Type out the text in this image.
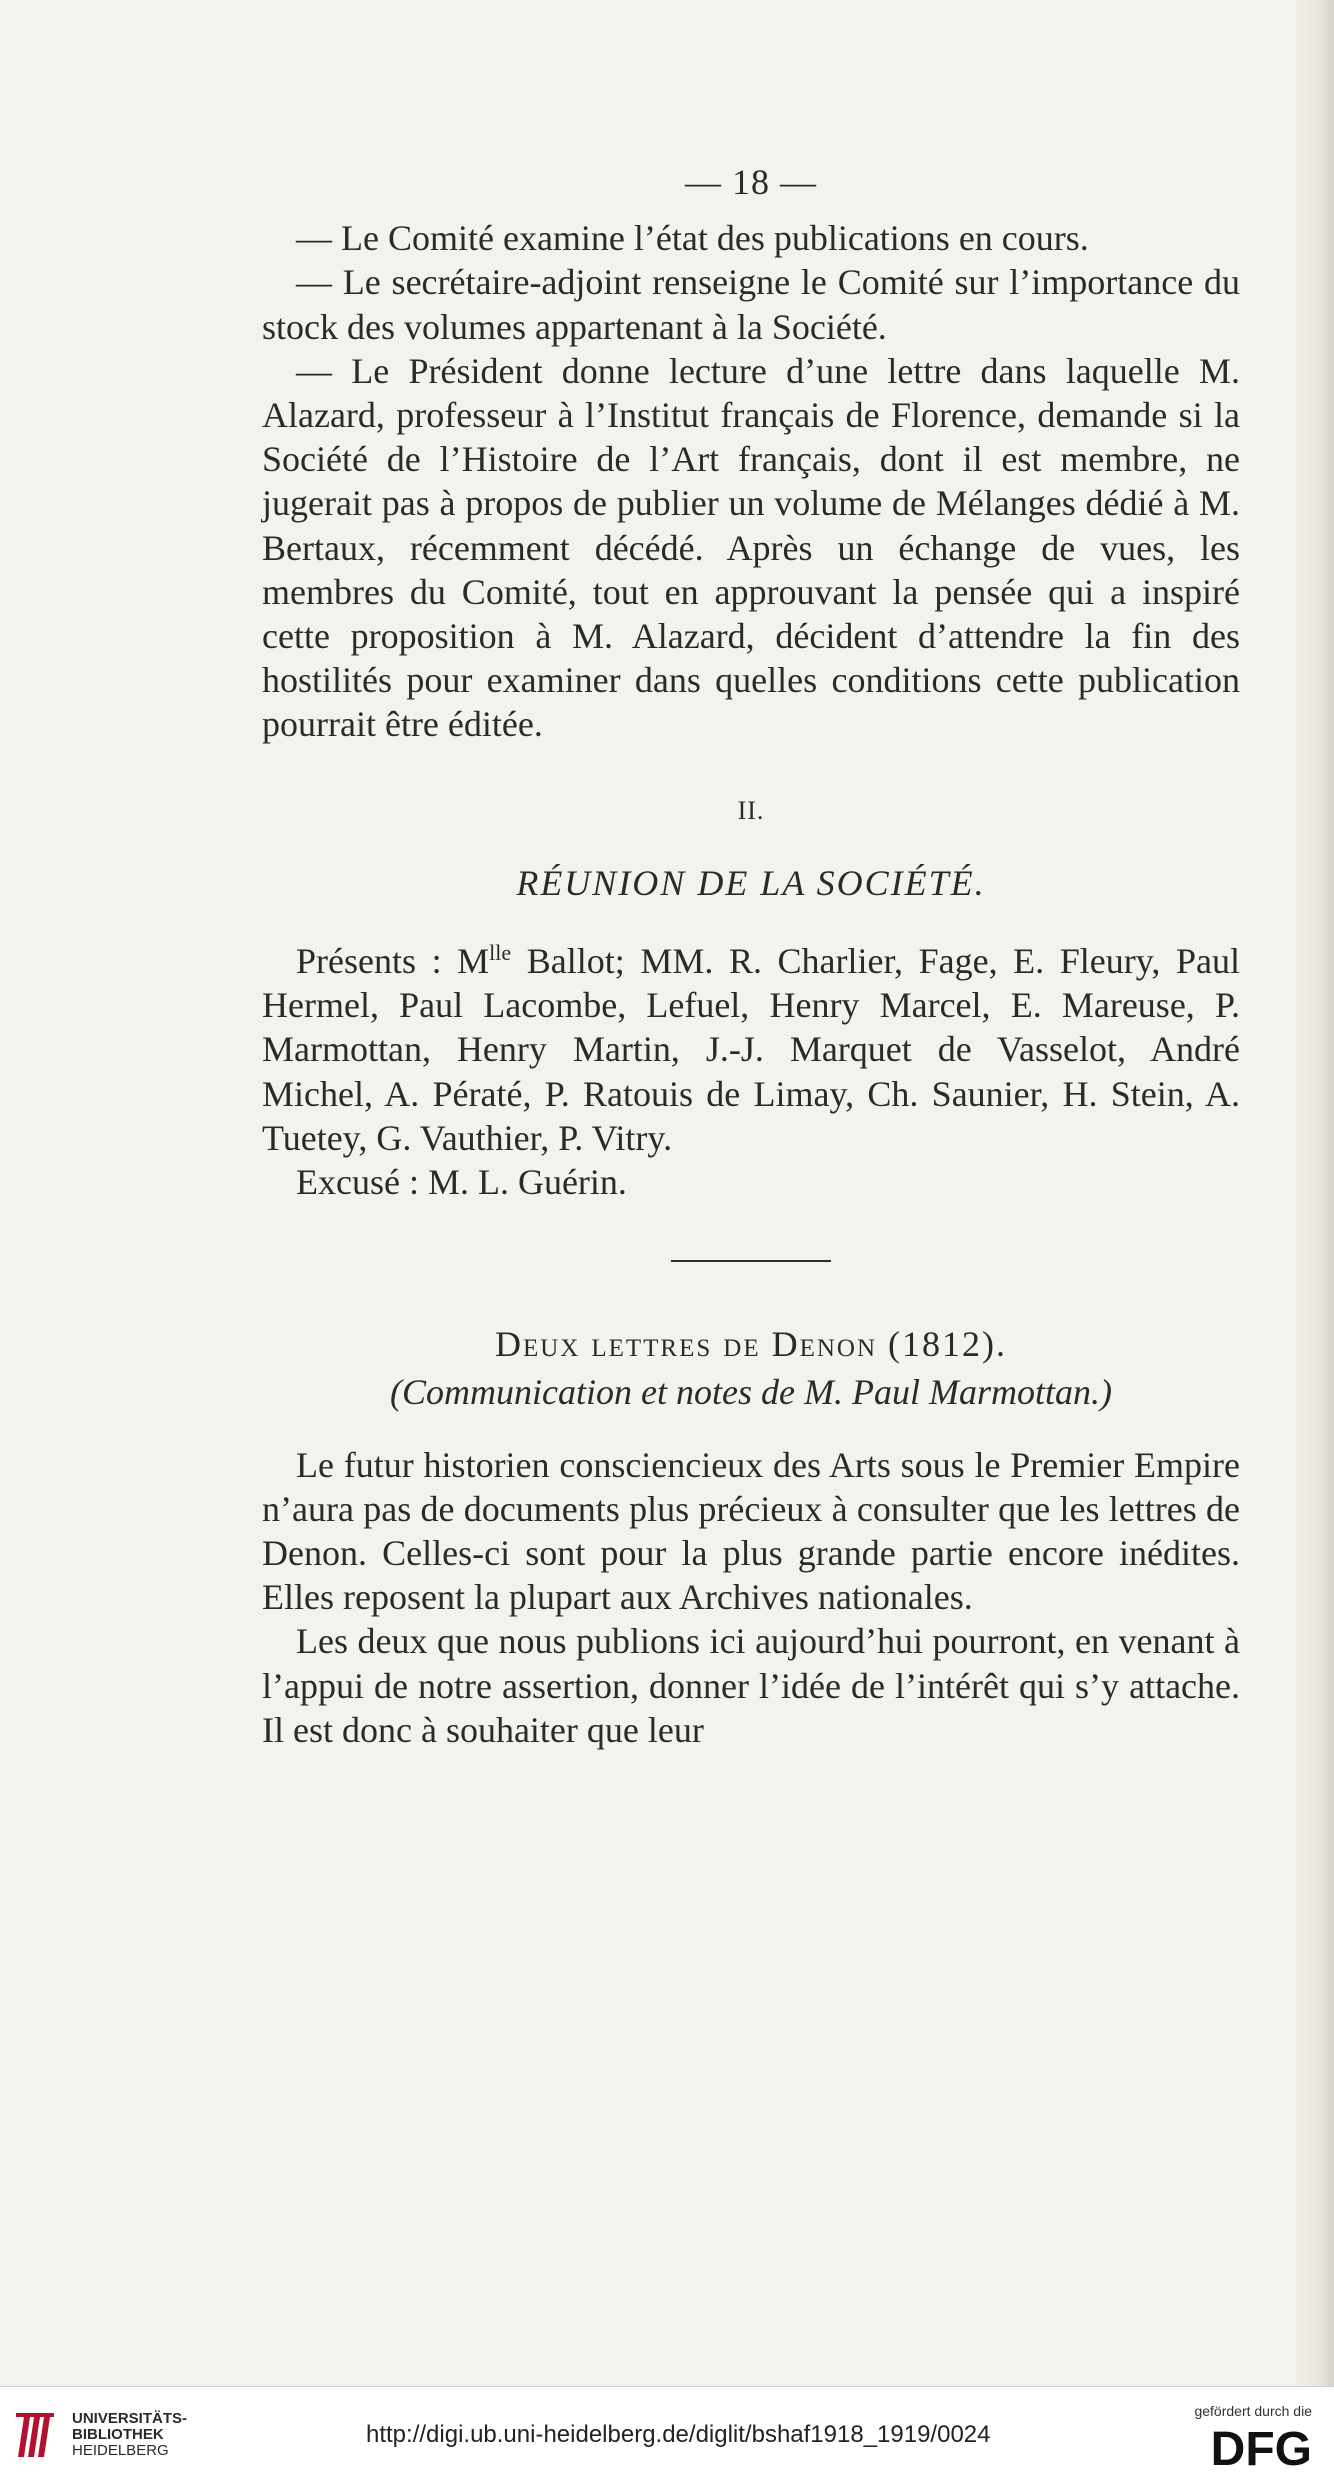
— 18 —

— Le Comité examine l’état des publications en cours.

— Le secrétaire-adjoint renseigne le Comité sur l’importance du stock des volumes appartenant à la Société.

— Le Président donne lecture d’une lettre dans laquelle M. Alazard, professeur à l’Institut français de Florence, demande si la Société de l’Histoire de l’Art français, dont il est membre, ne jugerait pas à propos de publier un volume de Mélanges dédié à M. Bertaux, récemment décédé. Après un échange de vues, les membres du Comité, tout en approuvant la pensée qui a inspiré cette proposition à M. Alazard, décident d’attendre la fin des hostilités pour examiner dans quelles conditions cette publication pourrait être éditée.

II.
RÉUNION DE LA SOCIÉTÉ.

Présents : $M^{lle}$ Ballot; MM. R. Charlier, Fage, E. Fleury, Paul Hermel, Paul Lacombe, Lefuel, Henry Marcel, E. Mareuse, P. Marmottan, Henry Martin, J.-J. Marquet de Vasselot, André Michel, A. Pératé, P. Ratouis de Limay, Ch. Saunier, H. Stein, A. Tuetey, G. Vauthier, P. Vitry.

Excusé : M. L. Guérin.

Deux lettres de Denon (1812).
(Communication et notes de M. Paul Marmottan.)

Le futur historien consciencieux des Arts sous le Premier Empire n’aura pas de documents plus précieux à consulter que les lettres de Denon. Celles-ci sont pour la plus grande partie encore inédites. Elles reposent la plupart aux Archives nationales.

Les deux que nous publions ici aujourd’hui pourront, en venant à l’appui de notre assertion, donner l’idée de l’intérêt qui s’y attache. Il est donc à souhaiter que leur

UNIVERSITÄTS-
BIBLIOTHEK
HEIDELBERG
http://digi.ub.uni-heidelberg.de/diglit/bshaf1918_1919/0024
gefördert durch die
DFG
